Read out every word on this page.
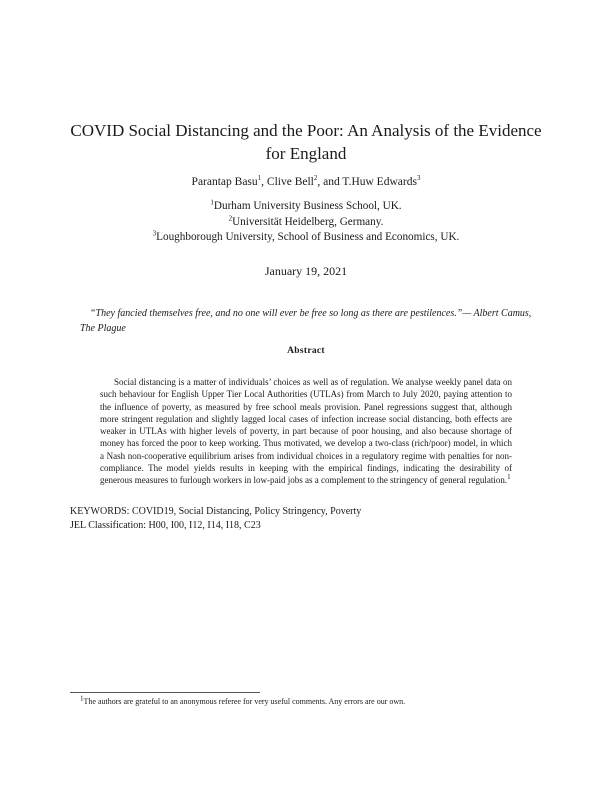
COVID Social Distancing and the Poor: An Analysis of the Evidence for England
Parantap Basu$^1$, Clive Bell$^2$, and T.Huw Edwards$^3$
$^1$Durham University Business School, UK.
$^2$Universität Heidelberg, Germany.
$^3$Loughborough University, School of Business and Economics, UK.
January 19, 2021
“They fancied themselves free, and no one will ever be free so long as there are pestilences.”— Albert Camus, The Plague
Abstract
Social distancing is a matter of individuals’ choices as well as of regulation. We analyse weekly panel data on such behaviour for English Upper Tier Local Authorities (UTLAs) from March to July 2020, paying attention to the influence of poverty, as measured by free school meals provision. Panel regressions suggest that, although more stringent regulation and slightly lagged local cases of infection increase social distancing, both effects are weaker in UTLAs with higher levels of poverty, in part because of poor housing, and also because shortage of money has forced the poor to keep working. Thus motivated, we develop a two-class (rich/poor) model, in which a Nash non-cooperative equilibrium arises from individual choices in a regulatory regime with penalties for non-compliance. The model yields results in keeping with the empirical findings, indicating the desirability of generous measures to furlough workers in low-paid jobs as a complement to the stringency of general regulation.$^1$
KEYWORDS: COVID19, Social Distancing, Policy Stringency, Poverty
JEL Classification: H00, I00, I12, I14, I18, C23
$^1$The authors are grateful to an anonymous referee for very useful comments. Any errors are our own.
